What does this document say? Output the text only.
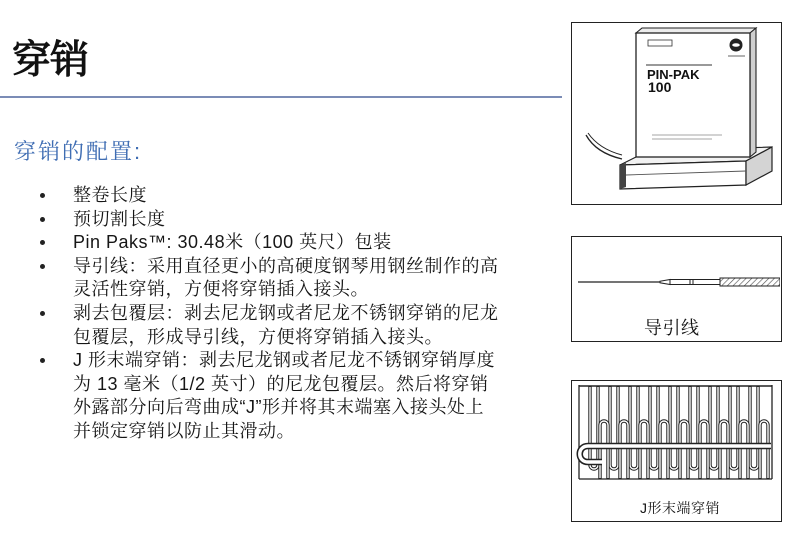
穿销
穿销的配置:
整卷长度
预切割长度
Pin Paks™: 30.48米（100 英尺）包装
导引线：采用直径更小的高硬度钢琴用钢丝制作的高
灵活性穿销，方便将穿销插入接头。
剥去包覆层：剥去尼龙钢或者尼龙不锈钢穿销的尼龙
包覆层，形成导引线，方便将穿销插入接头。
J 形末端穿销：剥去尼龙钢或者尼龙不锈钢穿销厚度
为 13 毫米（1/2 英寸）的尼龙包覆层。然后将穿销
外露部分向后弯曲成“J”形并将其末端塞入接头处上
并锁定穿销以防止其滑动。
PIN-PAK
100
导引线
J形末端穿销
